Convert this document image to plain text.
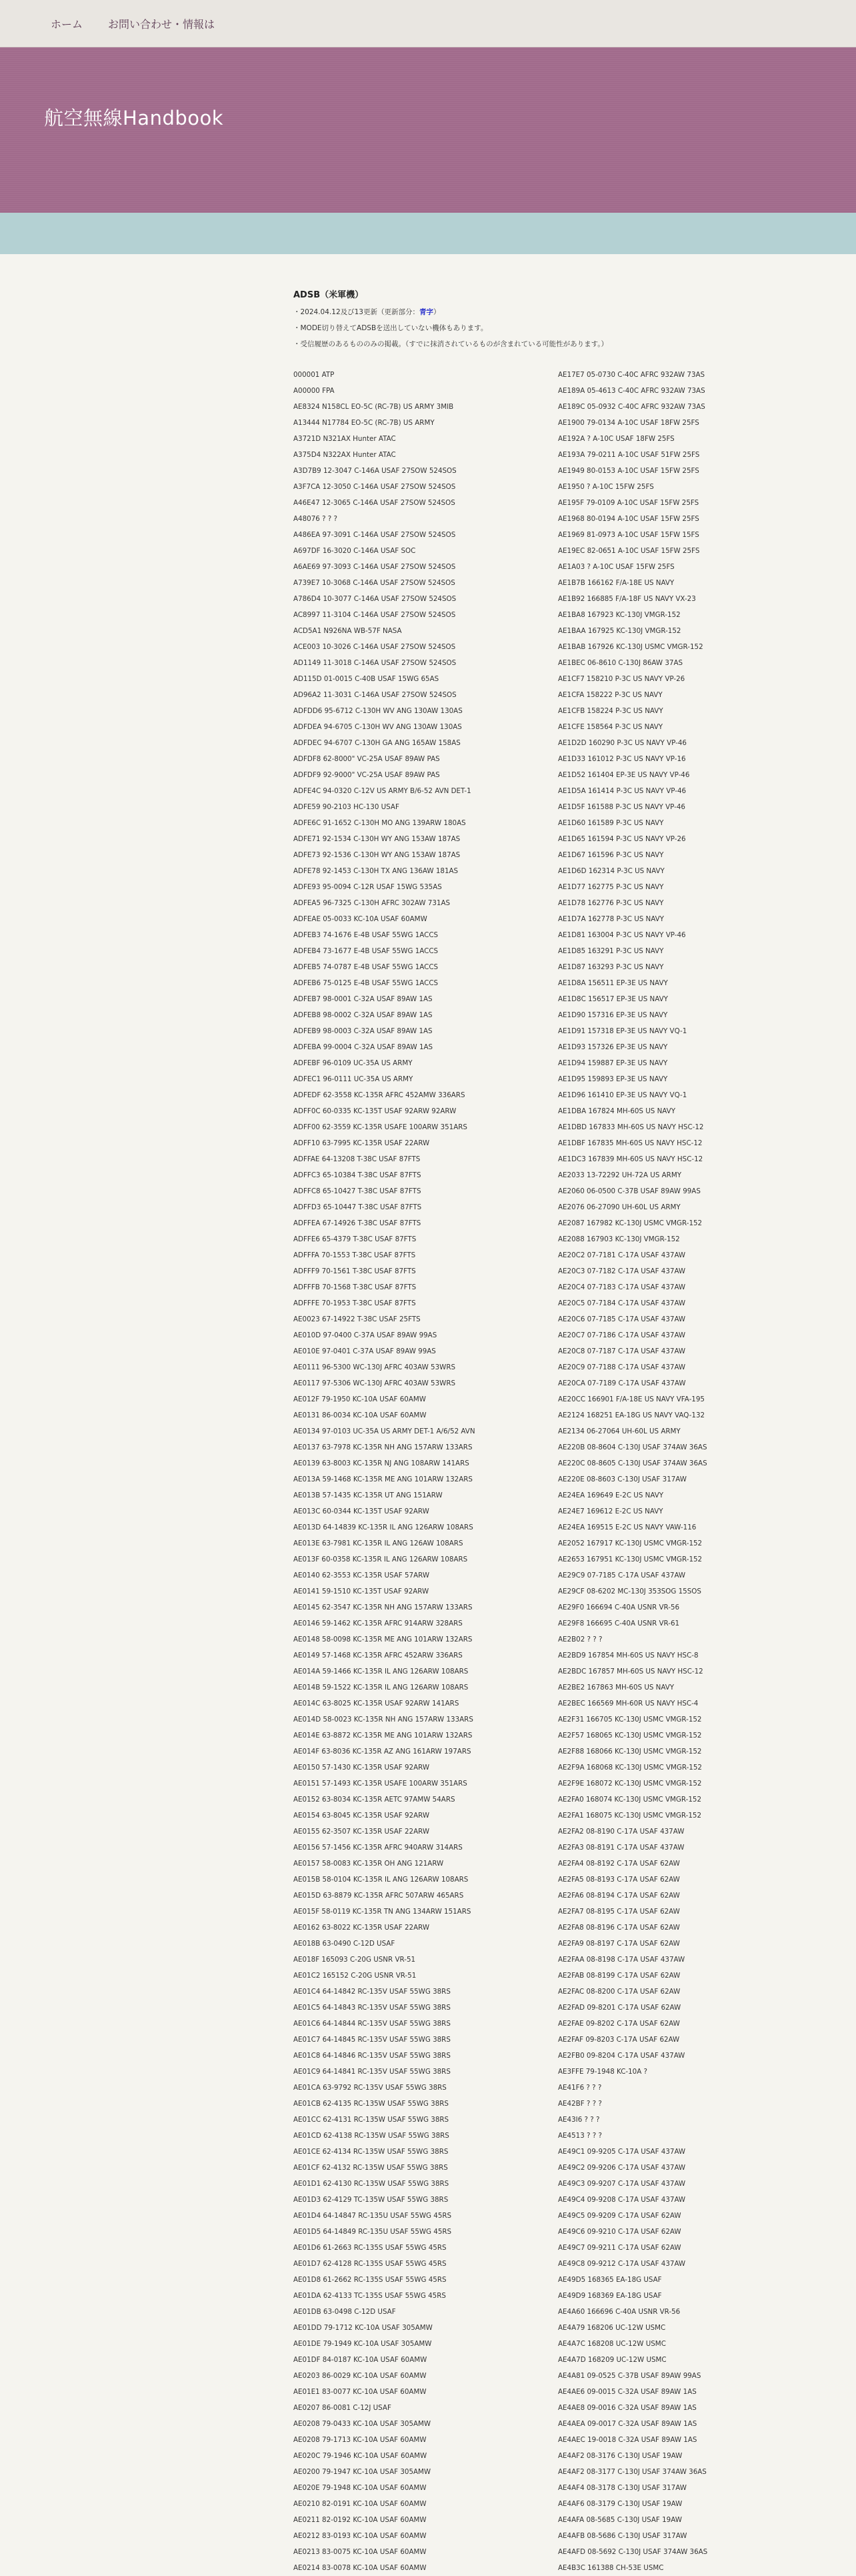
ホーム お問い合わせ・情報は
航空無線Handbook
ADSB（米軍機）
・2024.04.12及び13更新（更新部分：青字）
・MODE切り替えてADSBを送出していない機体もあります。
・受信履歴のあるもののみの掲載。（すでに抹消されているものが含まれている可能性があります。）
000001 ATP
A00000 FPA
AE8324 N158CL EO-5C (RC-7B) US ARMY 3MIB
A13444 N17784 EO-5C (RC-7B) US ARMY
A3721D N321AX Hunter ATAC
A375D4 N322AX Hunter ATAC
A3D7B9 12-3047 C-146A USAF 27SOW 524SOS
A3F7CA 12-3050 C-146A USAF 27SOW 524SOS
A46E47 12-3065 C-146A USAF 27SOW 524SOS
A48076 ? ? ?
A486EA 97-3091 C-146A USAF 27SOW 524SOS
A697DF 16-3020 C-146A USAF SOC
A6AE69 97-3093 C-146A USAF 27SOW 524SOS
A739E7 10-3068 C-146A USAF 27SOW 524SOS
A786D4 10-3077 C-146A USAF 27SOW 524SOS
AC8997 11-3104 C-146A USAF 27SOW 524SOS
ACD5A1 N926NA WB-57F NASA
ACE003 10-3026 C-146A USAF 27SOW 524SOS
AD1149 11-3018 C-146A USAF 27SOW 524SOS
AD115D 01-0015 C-40B USAF 15WG 65AS
AD96A2 11-3031 C-146A USAF 27SOW 524SOS
ADFDD6 95-6712 C-130H WV ANG 130AW 130AS
ADFDEA 94-6705 C-130H WV ANG 130AW 130AS
ADFDEC 94-6707 C-130H GA ANG 165AW 158AS
ADFDF8 62-8000" VC-25A USAF 89AW PAS
ADFDF9 92-9000" VC-25A USAF 89AW PAS
ADFE4C 94-0320 C-12V US ARMY B/6-52 AVN DET-1
ADFE59 90-2103 HC-130 USAF
ADFE6C 91-1652 C-130H MO ANG 139ARW 180AS
ADFE71 92-1534 C-130H WY ANG 153AW 187AS
ADFE73 92-1536 C-130H WY ANG 153AW 187AS
ADFE78 92-1453 C-130H TX ANG 136AW 181AS
ADFE93 95-0094 C-12R USAF 15WG 535AS
ADFEA5 96-7325 C-130H AFRC 302AW 731AS
ADFEAE 05-0033 KC-10A USAF 60AMW
ADFEB3 74-1676 E-4B USAF 55WG 1ACCS
ADFEB4 73-1677 E-4B USAF 55WG 1ACCS
ADFEB5 74-0787 E-4B USAF 55WG 1ACCS
ADFEB6 75-0125 E-4B USAF 55WG 1ACCS
ADFEB7 98-0001 C-32A USAF 89AW 1AS
ADFEB8 98-0002 C-32A USAF 89AW 1AS
ADFEB9 98-0003 C-32A USAF 89AW 1AS
ADFEBA 99-0004 C-32A USAF 89AW 1AS
ADFEBF 96-0109 UC-35A US ARMY
ADFEC1 96-0111 UC-35A US ARMY
ADFEDF 62-3558 KC-135R AFRC 452AMW 336ARS
ADFF0C 60-0335 KC-135T USAF 92ARW 92ARW
ADFF00 62-3559 KC-135R USAFE 100ARW 351ARS
ADFF10 63-7995 KC-135R USAF 22ARW
ADFFAE 64-13208 T-38C USAF 87FTS
ADFFC3 65-10384 T-38C USAF 87FTS
ADFFC8 65-10427 T-38C USAF 87FTS
ADFFD3 65-10447 T-38C USAF 87FTS
ADFFEA 67-14926 T-38C USAF 87FTS
ADFFE6 65-4379 T-38C USAF 87FTS
ADFFFA 70-1553 T-38C USAF 87FTS
ADFFF9 70-1561 T-38C USAF 87FTS
ADFFFB 70-1568 T-38C USAF 87FTS
ADFFFE 70-1953 T-38C USAF 87FTS
AE0023 67-14922 T-38C USAF 25FTS
AE010D 97-0400 C-37A USAF 89AW 99AS
AE010E 97-0401 C-37A USAF 89AW 99AS
AE0111 96-5300 WC-130J AFRC 403AW 53WRS
AE0117 97-5306 WC-130J AFRC 403AW 53WRS
AE012F 79-1950 KC-10A USAF 60AMW
AE0131 86-0034 KC-10A USAF 60AMW
AE0134 97-0103 UC-35A US ARMY DET-1 A/6/52 AVN
AE0137 63-7978 KC-135R NH ANG 157ARW 133ARS
AE0139 63-8003 KC-135R NJ ANG 108ARW 141ARS
AE013A 59-1468 KC-135R ME ANG 101ARW 132ARS
AE013B 57-1435 KC-135R UT ANG 151ARW
AE013C 60-0344 KC-135T USAF 92ARW
AE013D 64-14839 KC-135R IL ANG 126ARW 108ARS
AE013E 63-7981 KC-135R IL ANG 126AW 108ARS
AE013F 60-0358 KC-135R IL ANG 126ARW 108ARS
AE0140 62-3553 KC-135R USAF 57ARW
AE0141 59-1510 KC-135T USAF 92ARW
AE0145 62-3547 KC-135R NH ANG 157ARW 133ARS
AE0146 59-1462 KC-135R AFRC 914ARW 328ARS
AE0148 58-0098 KC-135R ME ANG 101ARW 132ARS
AE0149 57-1468 KC-135R AFRC 452ARW 336ARS
AE014A 59-1466 KC-135R IL ANG 126ARW 108ARS
AE014B 59-1522 KC-135R IL ANG 126ARW 108ARS
AE014C 63-8025 KC-135R USAF 92ARW 141ARS
AE014D 58-0023 KC-135R NH ANG 157ARW 133ARS
AE014E 63-8872 KC-135R ME ANG 101ARW 132ARS
AE014F 63-8036 KC-135R AZ ANG 161ARW 197ARS
AE0150 57-1430 KC-135R USAF 92ARW
AE0151 57-1493 KC-135R USAFE 100ARW 351ARS
AE0152 63-8034 KC-135R AETC 97AMW 54ARS
AE0154 63-8045 KC-135R USAF 92ARW
AE0155 62-3507 KC-135R USAF 22ARW
AE0156 57-1456 KC-135R AFRC 940ARW 314ARS
AE0157 58-0083 KC-135R OH ANG 121ARW
AE015B 58-0104 KC-135R IL ANG 126ARW 108ARS
AE015D 63-8879 KC-135R AFRC 507ARW 465ARS
AE015F 58-0119 KC-135R TN ANG 134ARW 151ARS
AE0162 63-8022 KC-135R USAF 22ARW
AE018B 63-0490 C-12D USAF
AE018F 165093 C-20G USNR VR-51
AE01C2 165152 C-20G USNR VR-51
AE01C4 64-14842 RC-135V USAF 55WG 38RS
AE01C5 64-14843 RC-135V USAF 55WG 38RS
AE01C6 64-14844 RC-135V USAF 55WG 38RS
AE01C7 64-14845 RC-135V USAF 55WG 38RS
AE01C8 64-14846 RC-135V USAF 55WG 38RS
AE01C9 64-14841 RC-135V USAF 55WG 38RS
AE01CA 63-9792 RC-135V USAF 55WG 38RS
AE01CB 62-4135 RC-135W USAF 55WG 38RS
AE01CC 62-4131 RC-135W USAF 55WG 38RS
AE01CD 62-4138 RC-135W USAF 55WG 38RS
AE01CE 62-4134 RC-135W USAF 55WG 38RS
AE01CF 62-4132 RC-135W USAF 55WG 38RS
AE01D1 62-4130 RC-135W USAF 55WG 38RS
AE01D3 62-4129 TC-135W USAF 55WG 38RS
AE01D4 64-14847 RC-135U USAF 55WG 45RS
AE01D5 64-14849 RC-135U USAF 55WG 45RS
AE01D6 61-2663 RC-135S USAF 55WG 45RS
AE01D7 62-4128 RC-135S USAF 55WG 45RS
AE01D8 61-2662 RC-135S USAF 55WG 45RS
AE01DA 62-4133 TC-135S USAF 55WG 45RS
AE01DB 63-0498 C-12D USAF
AE01DD 79-1712 KC-10A USAF 305AMW
AE01DE 79-1949 KC-10A USAF 305AMW
AE01DF 84-0187 KC-10A USAF 60AMW
AE0203 86-0029 KC-10A USAF 60AMW
AE01E1 83-0077 KC-10A USAF 60AMW
AE0207 86-0081 C-12J USAF
AE0208 79-0433 KC-10A USAF 305AMW
AE0208 79-1713 KC-10A USAF 60AMW
AE020C 79-1946 KC-10A USAF 60AMW
AE0200 79-1947 KC-10A USAF 305AMW
AE020E 79-1948 KC-10A USAF 60AMW
AE0210 82-0191 KC-10A USAF 60AMW
AE0211 82-0192 KC-10A USAF 60AMW
AE0212 83-0193 KC-10A USAF 60AMW
AE0213 83-0075 KC-10A USAF 60AMW
AE0214 83-0078 KC-10A USAF 60AMW
AE17E7 05-0730 C-40C AFRC 932AW 73AS
AE189A 05-4613 C-40C AFRC 932AW 73AS
AE189C 05-0932 C-40C AFRC 932AW 73AS
AE1900 79-0134 A-10C USAF 18FW 25FS
AE192A ? A-10C USAF 18FW 25FS
AE193A 79-0211 A-10C USAF 51FW 25FS
AE1949 80-0153 A-10C USAF 15FW 25FS
AE1950 ? A-10C 15FW 25FS
AE195F 79-0109 A-10C USAF 15FW 25FS
AE1968 80-0194 A-10C USAF 15FW 25FS
AE1969 81-0973 A-10C USAF 15FW 15FS
AE19EC 82-0651 A-10C USAF 15FW 25FS
AE1A03 ? A-10C USAF 15FW 25FS
AE1B7B 166162 F/A-18E US NAVY
AE1B92 166885 F/A-18F US NAVY VX-23
AE1BA8 167923 KC-130J VMGR-152
AE1BAA 167925 KC-130J VMGR-152
AE1BAB 167926 KC-130J USMC VMGR-152
AE1BEC 06-8610 C-130J 86AW 37AS
AE1CF7 158210 P-3C US NAVY VP-26
AE1CFA 158222 P-3C US NAVY
AE1CFB 158224 P-3C US NAVY
AE1CFE 158564 P-3C US NAVY
AE1D2D 160290 P-3C US NAVY VP-46
AE1D33 161012 P-3C US NAVY VP-16
AE1D52 161404 EP-3E US NAVY VP-46
AE1D5A 161414 P-3C US NAVY VP-46
AE1D5F 161588 P-3C US NAVY VP-46
AE1D60 161589 P-3C US NAVY
AE1D65 161594 P-3C US NAVY VP-26
AE1D67 161596 P-3C US NAVY
AE1D6D 162314 P-3C US NAVY
AE1D77 162775 P-3C US NAVY
AE1D78 162776 P-3C US NAVY
AE1D7A 162778 P-3C US NAVY
AE1D81 163004 P-3C US NAVY VP-46
AE1D85 163291 P-3C US NAVY
AE1D87 163293 P-3C US NAVY
AE1D8A 156511 EP-3E US NAVY
AE1D8C 156517 EP-3E US NAVY
AE1D90 157316 EP-3E US NAVY
AE1D91 157318 EP-3E US NAVY VQ-1
AE1D93 157326 EP-3E US NAVY
AE1D94 159887 EP-3E US NAVY
AE1D95 159893 EP-3E US NAVY
AE1D96 161410 EP-3E US NAVY VQ-1
AE1DBA 167824 MH-60S US NAVY
AE1DBD 167833 MH-60S US NAVY HSC-12
AE1DBF 167835 MH-60S US NAVY HSC-12
AE1DC3 167839 MH-60S US NAVY HSC-12
AE2033 13-72292 UH-72A US ARMY
AE2060 06-0500 C-37B USAF 89AW 99AS
AE2076 06-27090 UH-60L US ARMY
AE2087 167982 KC-130J USMC VMGR-152
AE2088 167903 KC-130J VMGR-152
AE20C2 07-7181 C-17A USAF 437AW
AE20C3 07-7182 C-17A USAF 437AW
AE20C4 07-7183 C-17A USAF 437AW
AE20C5 07-7184 C-17A USAF 437AW
AE20C6 07-7185 C-17A USAF 437AW
AE20C7 07-7186 C-17A USAF 437AW
AE20C8 07-7187 C-17A USAF 437AW
AE20C9 07-7188 C-17A USAF 437AW
AE20CA 07-7189 C-17A USAF 437AW
AE20CC 166901 F/A-18E US NAVY VFA-195
AE2124 168251 EA-18G US NAVY VAQ-132
AE2134 06-27064 UH-60L US ARMY
AE220B 08-8604 C-130J USAF 374AW 36AS
AE220C 08-8605 C-130J USAF 374AW 36AS
AE220E 08-8603 C-130J USAF 317AW
AE24EA 169649 E-2C US NAVY
AE24E7 169612 E-2C US NAVY
AE24EA 169515 E-2C US NAVY VAW-116
AE2052 167917 KC-130J USMC VMGR-152
AE2653 167951 KC-130J USMC VMGR-152
AE29C9 07-7185 C-17A USAF 437AW
AE29CF 08-6202 MC-130J 353SOG 15SOS
AE29F0 166694 C-40A USNR VR-56
AE29F8 166695 C-40A USNR VR-61
AE2B02 ? ? ?
AE2BD9 167854 MH-60S US NAVY HSC-8
AE2BDC 167857 MH-60S US NAVY HSC-12
AE2BE2 167863 MH-60S US NAVY
AE2BEC 166569 MH-60R US NAVY HSC-4
AE2F31 166705 KC-130J USMC VMGR-152
AE2F57 168065 KC-130J USMC VMGR-152
AE2F88 168066 KC-130J USMC VMGR-152
AE2F9A 168068 KC-130J USMC VMGR-152
AE2F9E 168072 KC-130J USMC VMGR-152
AE2FA0 168074 KC-130J USMC VMGR-152
AE2FA1 168075 KC-130J USMC VMGR-152
AE2FA2 08-8190 C-17A USAF 437AW
AE2FA3 08-8191 C-17A USAF 437AW
AE2FA4 08-8192 C-17A USAF 62AW
AE2FA5 08-8193 C-17A USAF 62AW
AE2FA6 08-8194 C-17A USAF 62AW
AE2FA7 08-8195 C-17A USAF 62AW
AE2FA8 08-8196 C-17A USAF 62AW
AE2FA9 08-8197 C-17A USAF 62AW
AE2FAA 08-8198 C-17A USAF 437AW
AE2FAB 08-8199 C-17A USAF 62AW
AE2FAC 08-8200 C-17A USAF 62AW
AE2FAD 09-8201 C-17A USAF 62AW
AE2FAE 09-8202 C-17A USAF 62AW
AE2FAF 09-8203 C-17A USAF 62AW
AE2FB0 09-8204 C-17A USAF 437AW
AE3FFE 79-1948 KC-10A ?
AE41F6 ? ? ?
AE42BF ? ? ?
AE43I6 ? ? ?
AE4513 ? ? ?
AE49C1 09-9205 C-17A USAF 437AW
AE49C2 09-9206 C-17A USAF 437AW
AE49C3 09-9207 C-17A USAF 437AW
AE49C4 09-9208 C-17A USAF 437AW
AE49C5 09-9209 C-17A USAF 62AW
AE49C6 09-9210 C-17A USAF 62AW
AE49C7 09-9211 C-17A USAF 62AW
AE49C8 09-9212 C-17A USAF 437AW
AE49D5 168365 EA-18G USAF
AE49D9 168369 EA-18G USAF
AE4A60 166696 C-40A USNR VR-56
AE4A79 168206 UC-12W USMC
AE4A7C 168208 UC-12W USMC
AE4A7D 168209 UC-12W USMC
AE4A81 09-0525 C-37B USAF 89AW 99AS
AE4AE6 09-0015 C-32A USAF 89AW 1AS
AE4AE8 09-0016 C-32A USAF 89AW 1AS
AE4AEA 09-0017 C-32A USAF 89AW 1AS
AE4AEC 19-0018 C-32A USAF 89AW 1AS
AE4AF2 08-3176 C-130J USAF 19AW
AE4AF2 08-3177 C-130J USAF 374AW 36AS
AE4AF4 08-3178 C-130J USAF 317AW
AE4AF6 08-3179 C-130J USAF 19AW
AE4AFA 08-5685 C-130J USAF 19AW
AE4AFB 08-5686 C-130J USAF 317AW
AE4AFD 08-5692 C-130J USAF 374AW 36AS
AE4B3C 161388 CH-53E USMC
